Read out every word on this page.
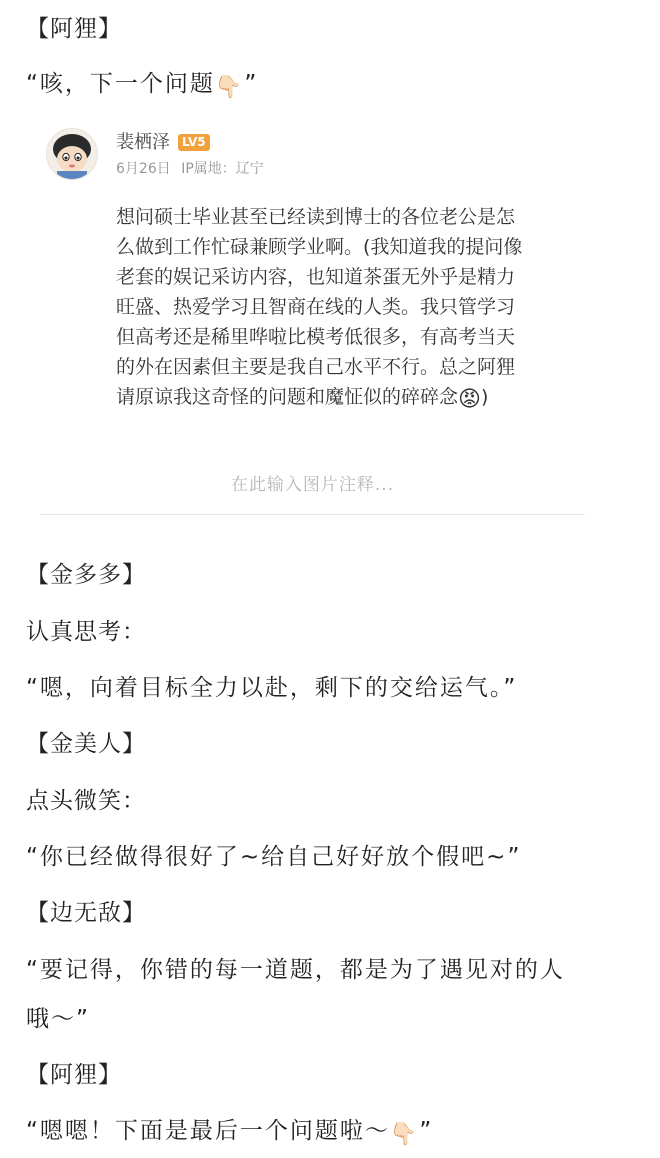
【阿狸】
“咳，下一个问题👇🏻”
裴栖泽 LV5
6月26日 IP属地：辽宁
想问硕士毕业甚至已经读到博士的各位老公是怎
么做到工作忙碌兼顾学业啊。(我知道我的提问像
老套的娱记采访内容，也知道茶蛋无外乎是精力
旺盛、热爱学习且智商在线的人类。我只管学习
但高考还是稀里哗啦比模考低很多，有高考当天
的外在因素但主要是我自己水平不行。总之阿狸
请原谅我这奇怪的问题和魔怔似的碎碎念😡)
在此输入图片注释...
【金多多】
认真思考：
“嗯，向着目标全力以赴，剩下的交给运气。”
【金美人】
点头微笑：
“你已经做得很好了~给自己好好放个假吧~”
【边无敌】
“要记得，你错的每一道题，都是为了遇见对的人
哦～”
【阿狸】
“嗯嗯！下面是最后一个问题啦～👇🏻”
